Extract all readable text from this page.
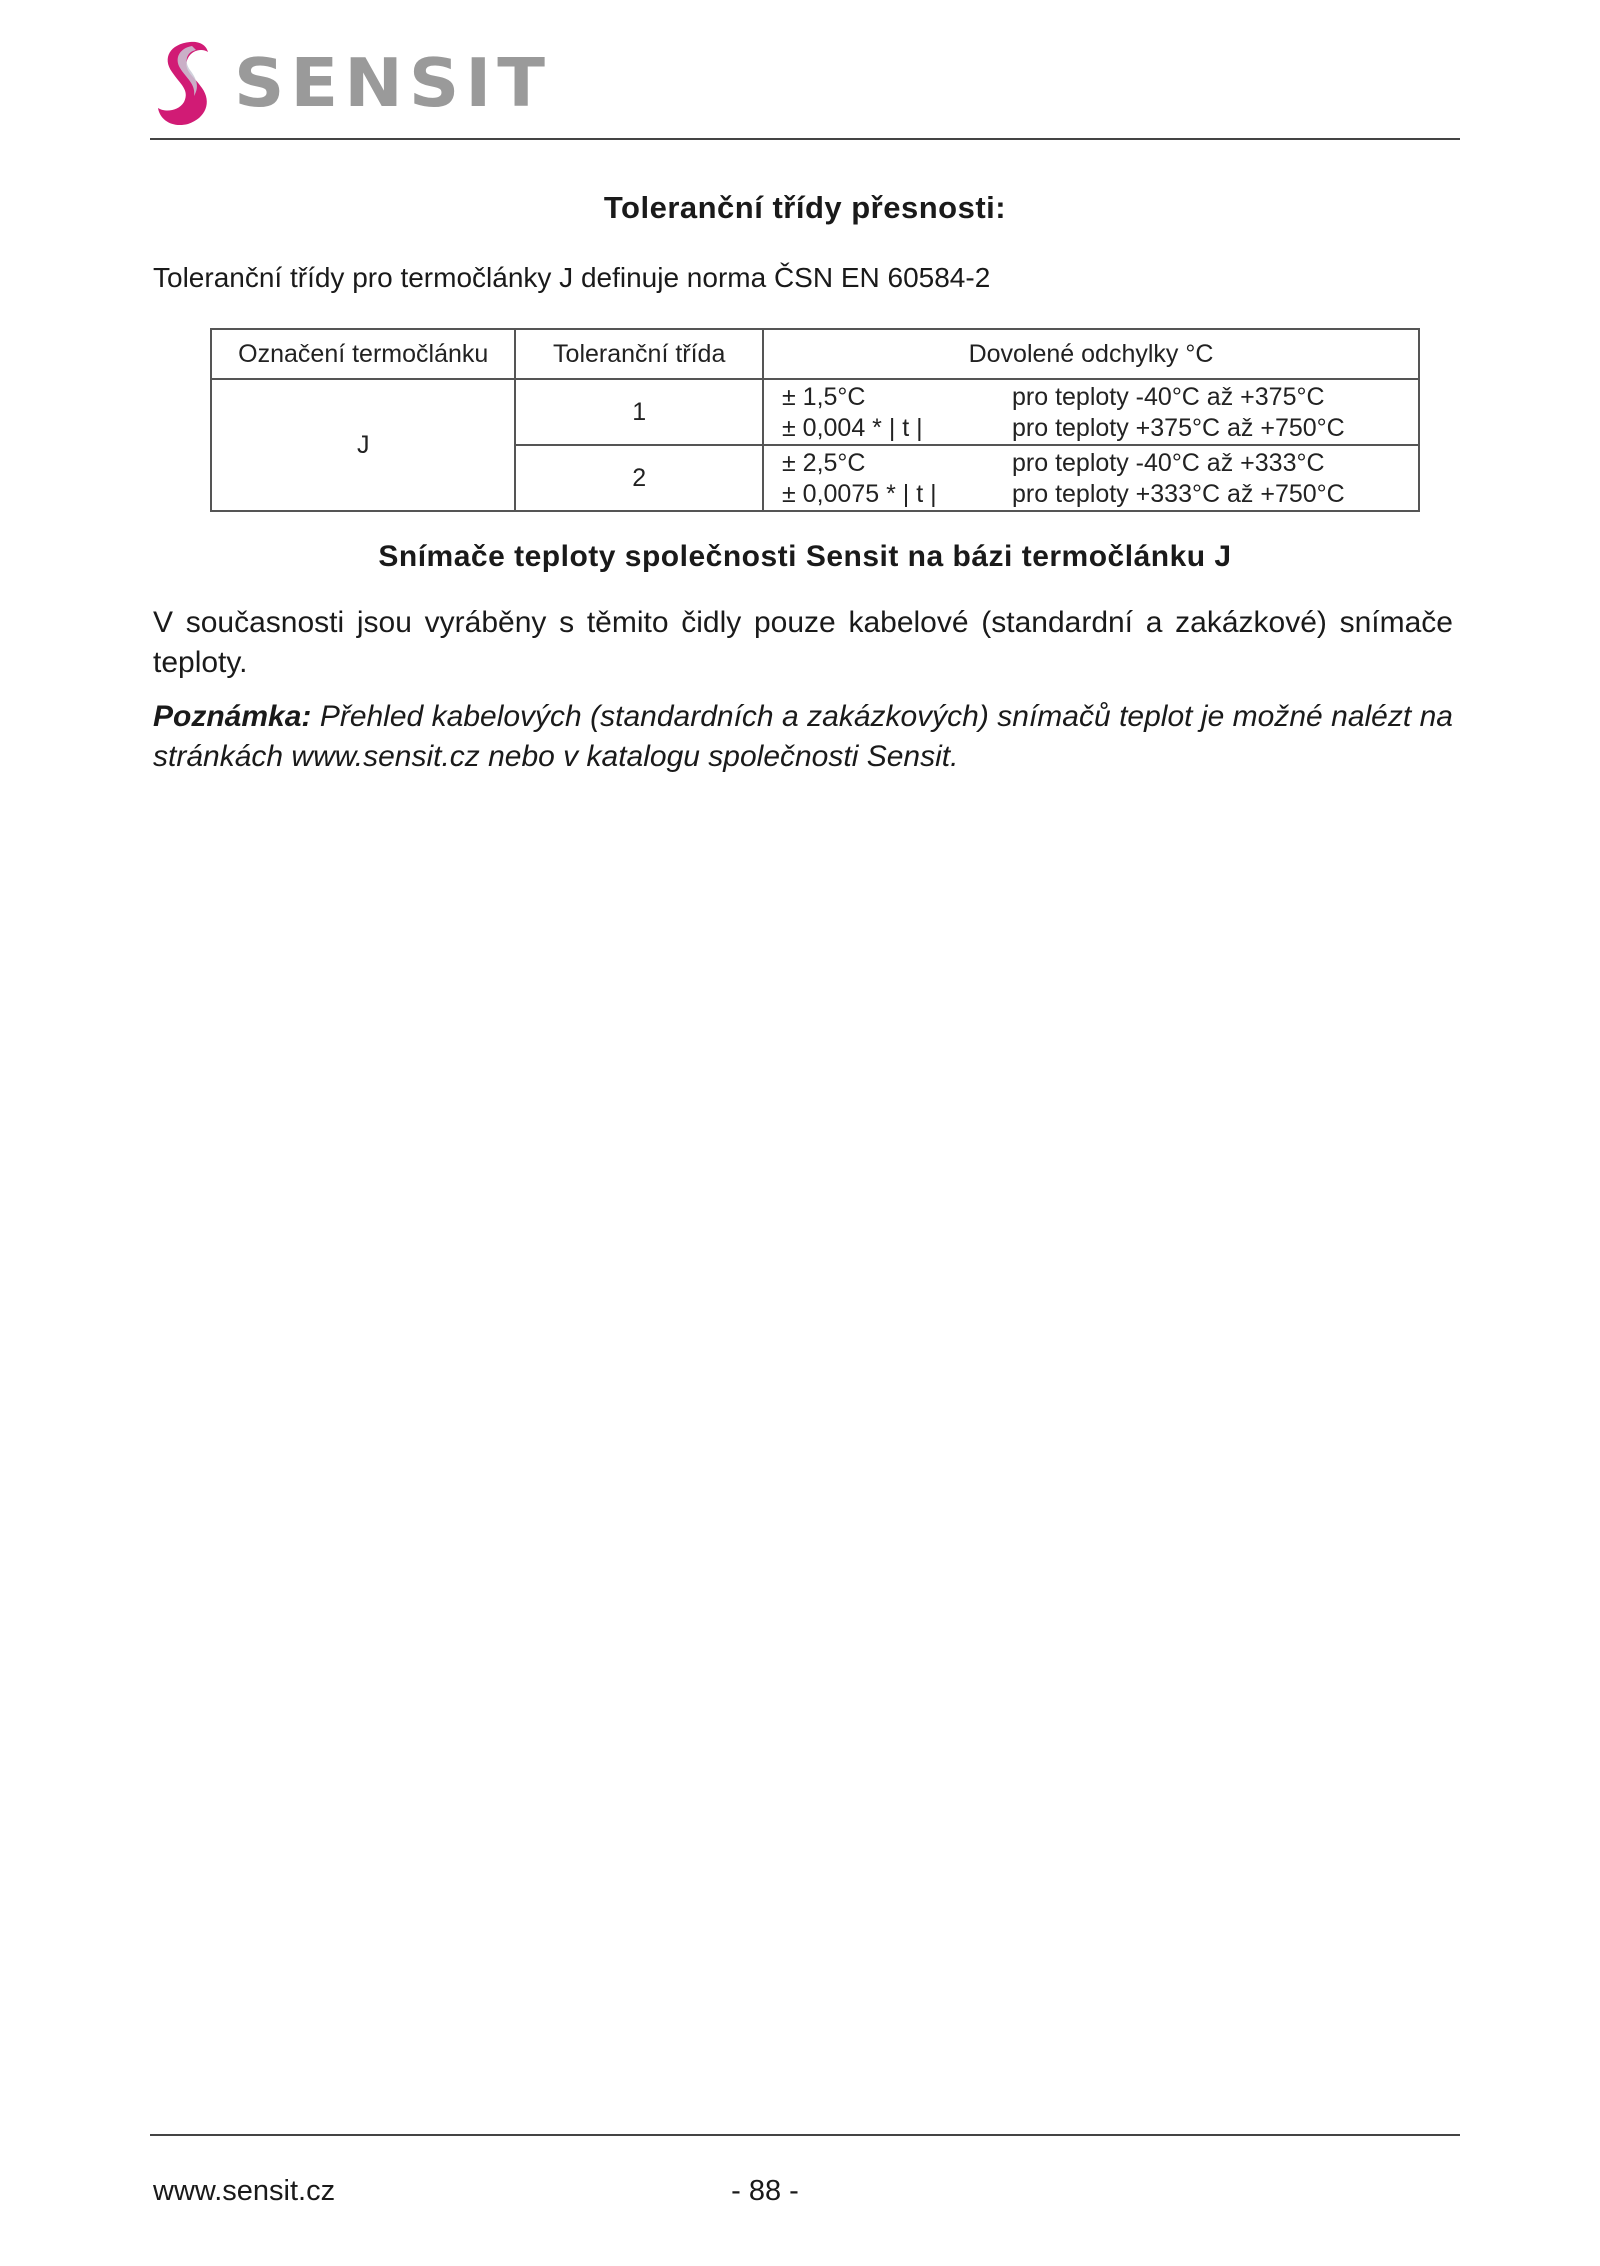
SENSIT
Toleranční třídy přesnosti:
Toleranční třídy pro termočlánky J definuje norma ČSN EN 60584-2
Označení termočlánku	Toleranční třída	Dovolené odchylky °C
J	1	± 1,5°C pro teploty -40°C až +375°C
± 0,004 * | t | pro teploty +375°C až +750°C

	2	± 2,5°C pro teploty -40°C až +333°C
± 0,0075 * | t | pro teploty +333°C až +750°C
Snímače teploty společnosti Sensit na bázi termočlánku J
V současnosti jsou vyráběny s těmito čidly pouze kabelové (standardní a zakázkové) snímače teploty.
Poznámka: Přehled kabelových (standardních a zakázkových) snímačů teplot je možné nalézt na stránkách www.sensit.cz nebo v katalogu společnosti Sensit.
www.sensit.cz	- 88 -
